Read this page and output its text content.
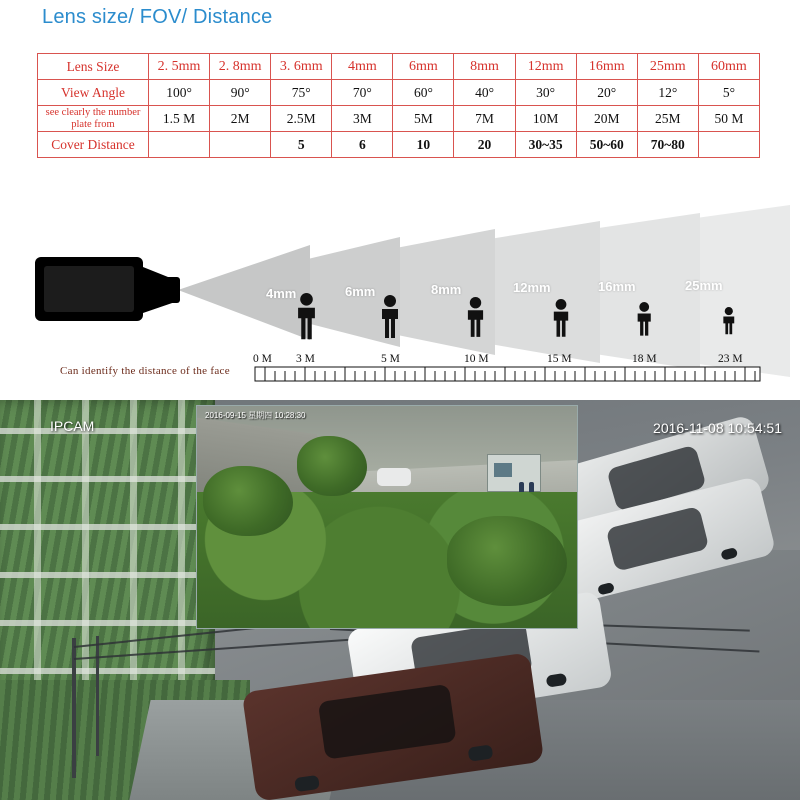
Lens size/ FOV/ Distance
Lens Size	2. 5mm	2. 8mm	3. 6mm	4mm	6mm	8mm	12mm	16mm	25mm	60mm
View Angle	100°	90°	75°	70°	60°	40°	30°	20°	12°	5°
see clearly the number plate from	1.5 M	2M	2.5M	3M	5M	7M	10M	20M	25M	50 M
Cover Distance			5	6	10	20	30~35	50~60	70~80	
4mm	6mm	8mm	12mm	16mm	25mm
0 M 3 M	5 M	10 M	15 M	18 M	23 M
Can identify the distance of the face
IPCAM	2016-11-08 10:54:51
2016-09-15 星期四 10:28:30
